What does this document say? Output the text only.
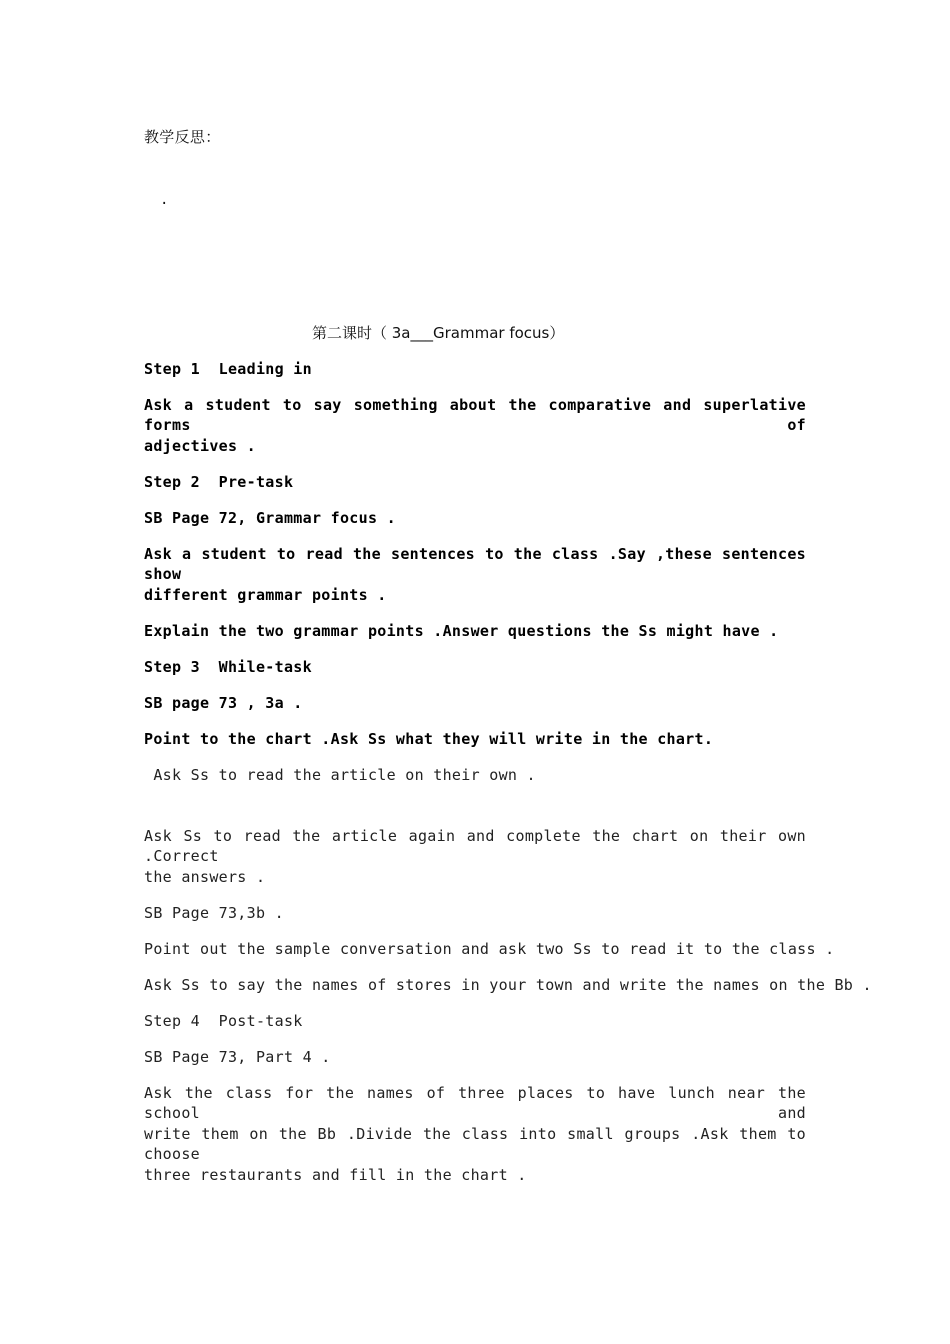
教学反思：
.
第二课时（ 3a___Grammar focus）
Step 1  Leading in
Ask a student to say something about the comparative and superlative forms of
adjectives .
Step 2  Pre-task
SB Page 72, Grammar focus .
Ask a student to read the sentences to the class .Say ,these sentences show
different grammar points .
Explain the two grammar points .Answer questions the Ss might have .
Step 3  While-task
SB page 73 , 3a .
Point to the chart .Ask Ss what they will write in the chart.
Ask Ss to read the article on their own .
Ask Ss to read the article again and complete the chart on their own .Correct
the answers .
SB Page 73,3b .
Point out the sample conversation and ask two Ss to read it to the class .
Ask Ss to say the names of stores in your town and write the names on the Bb .
Step 4  Post-task
SB Page 73, Part 4 .
Ask the class for the names of three places to have lunch near the school and
write them on the Bb .Divide the class into small groups .Ask them to choose
three restaurants and fill in the chart .
